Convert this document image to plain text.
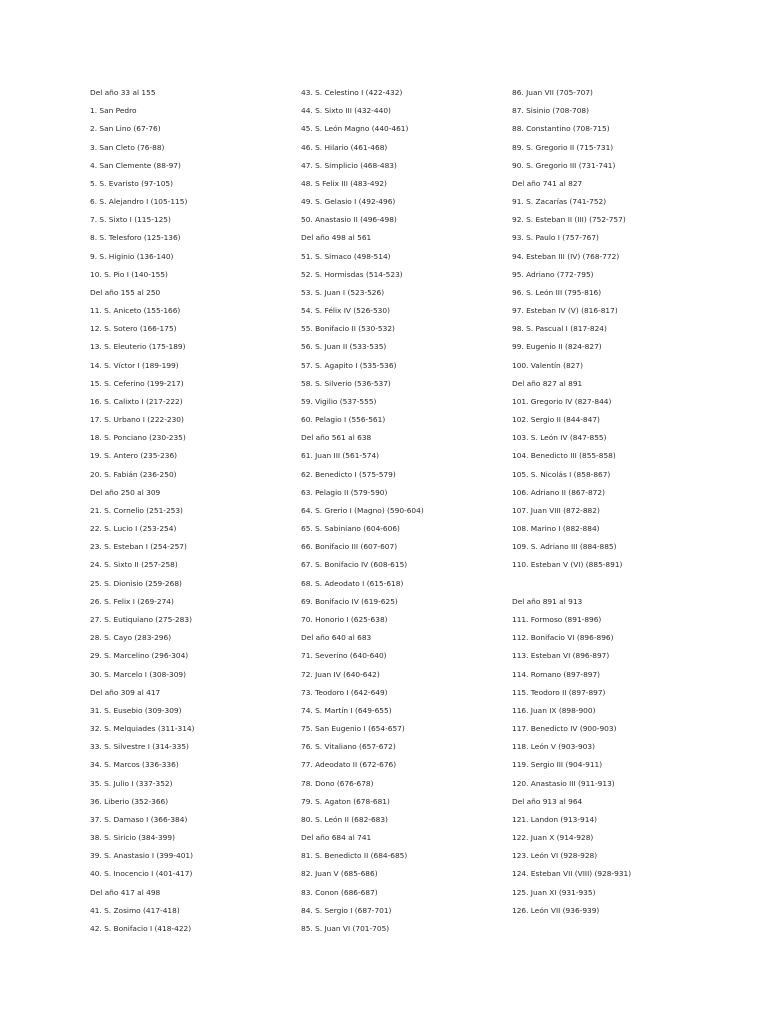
Del año 33 al 155
1. San Pedro
2. San Lino (67-76)
3. San Cleto (76-88)
4. San Clemente (88-97)
5. S. Evaristo (97-105)
6. S. Alejandro I (105-115)
7. S. Sixto I (115-125)
8. S. Telesforo (125-136)
9. S. Higinio (136-140)
10. S. Pio I (140-155)
Del año 155 al 250
11. S. Aniceto (155-166)
12. S. Sotero (166-175)
13. S. Eleuterio (175-189)
14. S. Víctor I (189-199)
15. S. Ceferino (199-217)
16. S. Calixto I (217-222)
17. S. Urbano I (222-230)
18. S. Ponciano (230-235)
19. S. Antero (235-236)
20. S. Fabián (236-250)
Del año 250 al 309
21. S. Cornelio (251-253)
22. S. Lucio I (253-254)
23. S. Esteban I (254-257)
24. S. Sixto II (257-258)
25. S. Dionisio (259-268)
26. S. Felix I (269-274)
27. S. Eutiquiano (275-283)
28. S. Cayo (283-296)
29. S. Marcelino (296-304)
30. S. Marcelo I (308-309)
Del año 309 al 417
31. S. Eusebio (309-309)
32. S. Melquiades (311-314)
33. S. Silvestre I (314-335)
34. S. Marcos (336-336)
35. S. Julio I (337-352)
36. Liberio (352-366)
37. S. Damaso I (366-384)
38. S. Siricio (384-399)
39. S. Anastasio I (399-401)
40. S. Inocencio I (401-417)
Del año 417 al 498
41. S. Zosimo (417-418)
42. S. Bonifacio I (418-422)
43. S. Celestino I (422-432)
44. S. Sixto III (432-440)
45. S. León Magno (440-461)
46. S. Hilario (461-468)
47. S. Simplicio (468-483)
48. S Felix III (483-492)
49. S. Gelasio I (492-496)
50. Anastasio II (496-498)
Del año 498 al 561
51. S. Simaco (498-514)
52. S. Hormisdas (514-523)
53. S. Juan I (523-526)
54. S. Félix IV (526-530)
55. Bonifacio II (530-532)
56. S. Juan II (533-535)
57. S. Agapito I (535-536)
58. S. Silverio (536-537)
59. Vigilio (537-555)
60. Pelagio I (556-561)
Del año 561 al 638
61. Juan III (561-574)
62. Benedicto I (575-579)
63. Pelagio II (579-590)
64. S. Grerio I (Magno) (590-604)
65. S. Sabiniano (604-606)
66. Bonifacio III (607-607)
67. S. Bonifacio IV (608-615)
68. S. Adeodato I (615-618)
69. Bonifacio IV (619-625)
70. Honorio I (625-638)
Del año 640 al 683
71. Severino (640-640)
72. Juan IV (640-642)
73. Teodoro I (642-649)
74. S. Martín I (649-655)
75. San Eugenio I (654-657)
76. S. Vitaliano (657-672)
77. Adeodato II (672-676)
78. Dono (676-678)
79. S. Agaton (678-681)
80. S. León II (682-683)
Del año 684 al 741
81. S. Benedicto II (684-685)
82. Juan V (685-686)
83. Conon (686-687)
84. S. Sergio I (687-701)
85. S. Juan VI (701-705)
86. Juan VII (705-707)
87. Sisinio (708-708)
88. Constantino (708-715)
89. S. Gregorio II (715-731)
90. S. Gregorio III (731-741)
Del año 741 al 827
91. S. Zacarías (741-752)
92. S. Esteban II (III) (752-757)
93. S. Paulo I (757-767)
94. Esteban III (IV) (768-772)
95. Adriano (772-795)
96. S. León III (795-816)
97. Esteban IV (V) (816-817)
98. S. Pascual I (817-824)
99. Eugenio II (824-827)
100. Valentín (827)
Del año 827 al 891
101. Gregorio IV (827-844)
102. Sergio II (844-847)
103. S. León IV (847-855)
104. Benedicto III (855-858)
105. S. Nicolás I (858-867)
106. Adriano II (867-872)
107. Juan VIII (872-882)
108. Marino I (882-884)
109. S. Adriano III (884-885)
110. Esteban V (VI) (885-891)
Del año 891 al 913
111. Formoso (891-896)
112. Bonifacio VI (896-896)
113. Esteban VI (896-897)
114. Romano (897-897)
115. Teodoro II (897-897)
116. Juan IX (898-900)
117. Benedicto IV (900-903)
118. León V (903-903)
119. Sergio III (904-911)
120. Anastasio III (911-913)
Del año 913 al 964
121. Landon (913-914)
122. Juan X (914-928)
123. León VI (928-928)
124. Esteban VII (VIII) (928-931)
125. Juan XI (931-935)
126. León VII (936-939)
